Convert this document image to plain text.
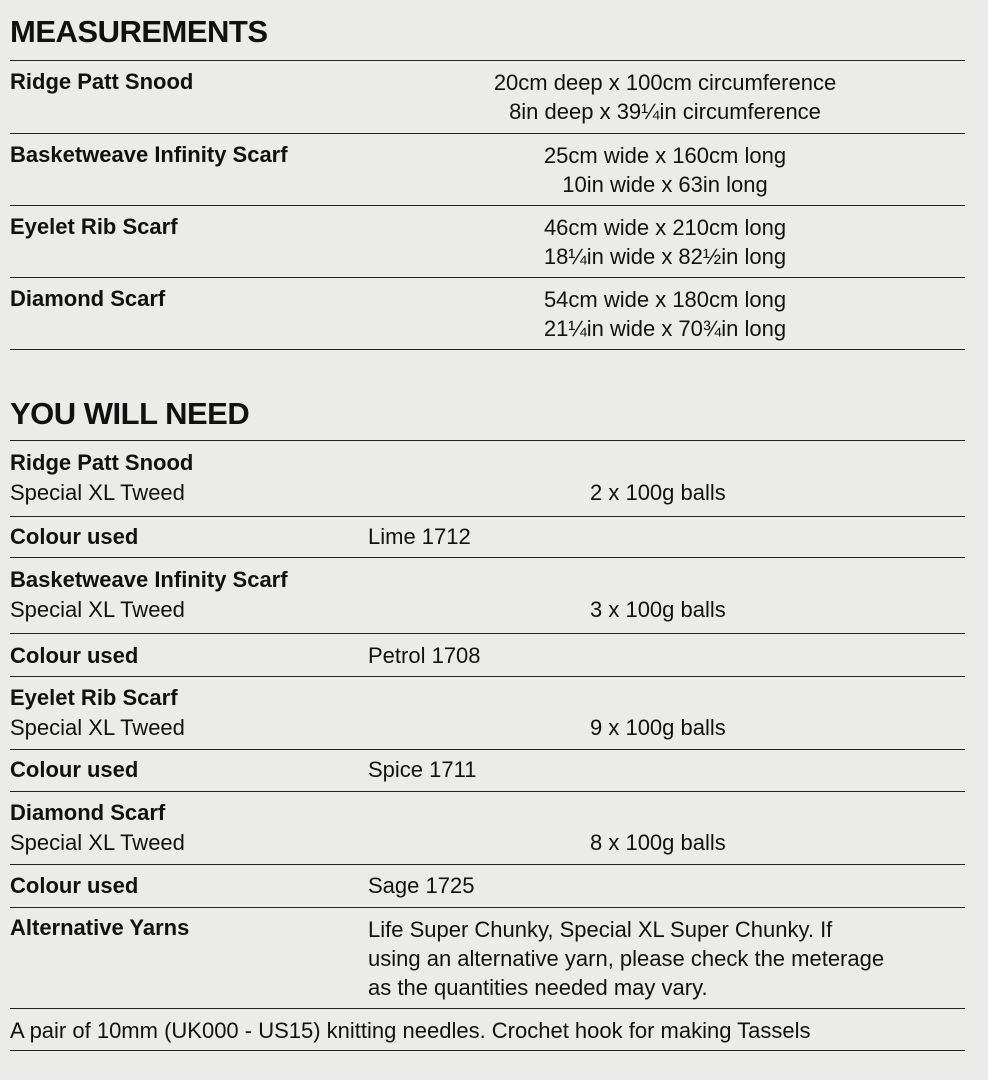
MEASUREMENTS
Ridge Patt Snood	20cm deep x 100cm circumference
8in deep x 39¼in circumference
Basketweave Infinity Scarf	25cm wide x 160cm long
10in wide x 63in long
Eyelet Rib Scarf	46cm wide x 210cm long
18¼in wide x 82½in long
Diamond Scarf	54cm wide x 180cm long
21¼in wide x 70¾in long
YOU WILL NEED
Ridge Patt Snood
Special XL Tweed	2 x 100g balls
Colour used	Lime 1712
Basketweave Infinity Scarf
Special XL Tweed	3 x 100g balls
Colour used	Petrol 1708
Eyelet Rib Scarf
Special XL Tweed	9 x 100g balls
Colour used	Spice 1711
Diamond Scarf
Special XL Tweed	8 x 100g balls
Colour used	Sage 1725
Alternative Yarns	Life Super Chunky, Special XL Super Chunky. If
using an alternative yarn, please check the meterage
as the quantities needed may vary.
A pair of 10mm (UK000 - US15) knitting needles. Crochet hook for making Tassels
